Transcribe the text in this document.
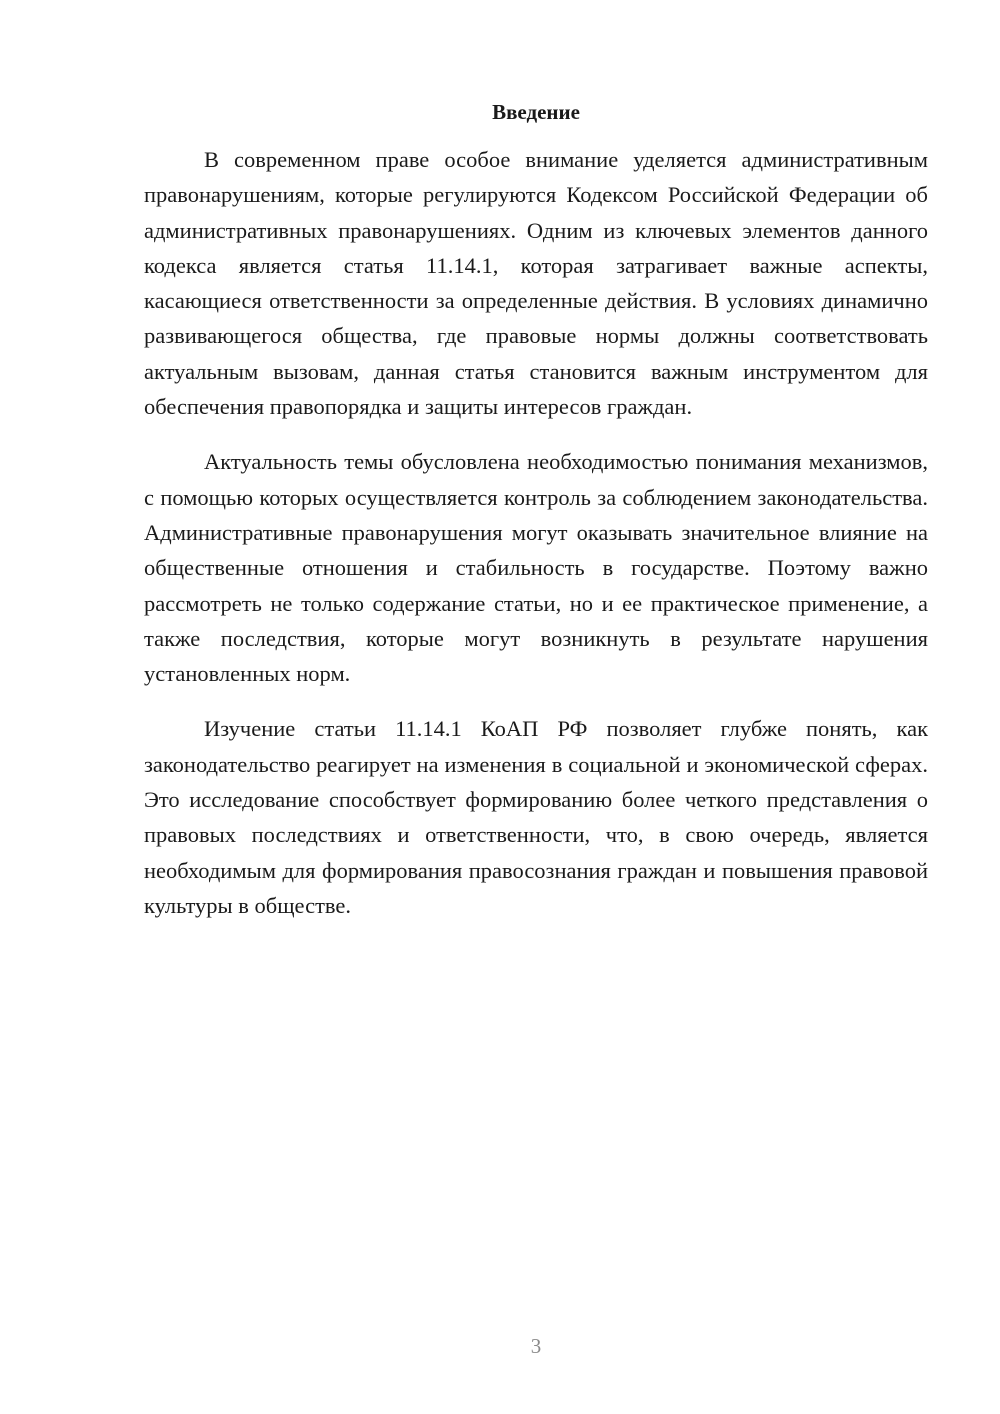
Введение

В современном праве особое внимание уделяется административным правонарушениям, которые регулируются Кодексом Российской Федерации об административных правонарушениях. Одним из ключевых элементов данного кодекса является статья 11.14.1, которая затрагивает важные аспекты, касающиеся ответственности за определенные действия. В условиях динамично развивающегося общества, где правовые нормы должны соответствовать актуальным вызовам, данная статья становится важным инструментом для обеспечения правопорядка и защиты интересов граждан.

Актуальность темы обусловлена необходимостью понимания механизмов, с помощью которых осуществляется контроль за соблюдением законодательства. Административные правонарушения могут оказывать значительное влияние на общественные отношения и стабильность в государстве. Поэтому важно рассмотреть не только содержание статьи, но и ее практическое применение, а также последствия, которые могут возникнуть в результате нарушения установленных норм.

Изучение статьи 11.14.1 КоАП РФ позволяет глубже понять, как законодательство реагирует на изменения в социальной и экономической сферах. Это исследование способствует формированию более четкого представления о правовых последствиях и ответственности, что, в свою очередь, является необходимым для формирования правосознания граждан и повышения правовой культуры в обществе.

3
